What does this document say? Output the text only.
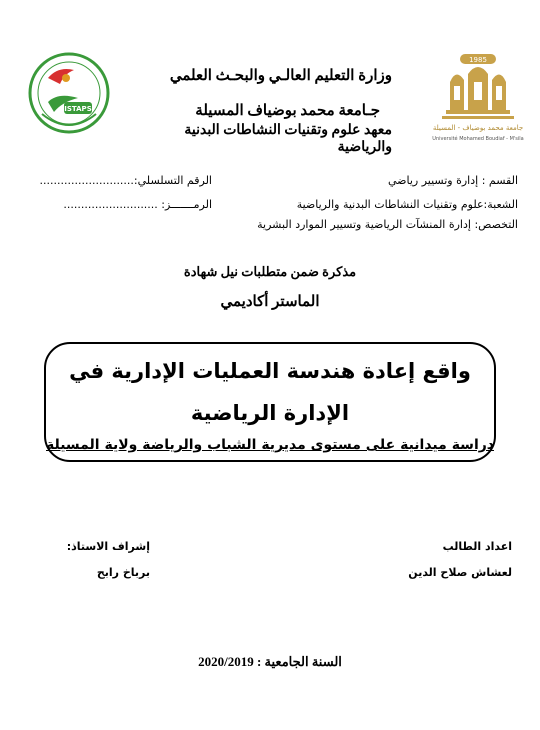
وزارة التعليم العالـي والبحـث العلمي
جـامعة محمد بوضياف المسيلة
معهد علوم وتقنيات النشاطات البدنية والرياضية
1985
جامعة محمد بوضياف - المسيلة
Université Mohamed Boudiaf - M'sila
ISTAPS
القسم : إدارة وتسيير رياضي
الشعبة:علوم وتقنيات النشاطات البدنية والرياضية
التخصص: إدارة المنشآت الرياضية وتسيير الموارد البشرية
الرقم التسلسلي:...........................
الرمـــــــز: ...........................
مذكرة ضمن متطلبات نيل شهادة
الماستر أكاديمي
واقع إعادة هندسة العمليات الإدارية في الإدارة الرياضية
دراسة ميدانية على مستوى مديرية الشباب والرياضة ولاية المسيلة
اعداد الطالب
لعشاش صلاح الدين
إشراف الاستاذ:
برباخ رابح
السنة الجامعية : 2020/2019
